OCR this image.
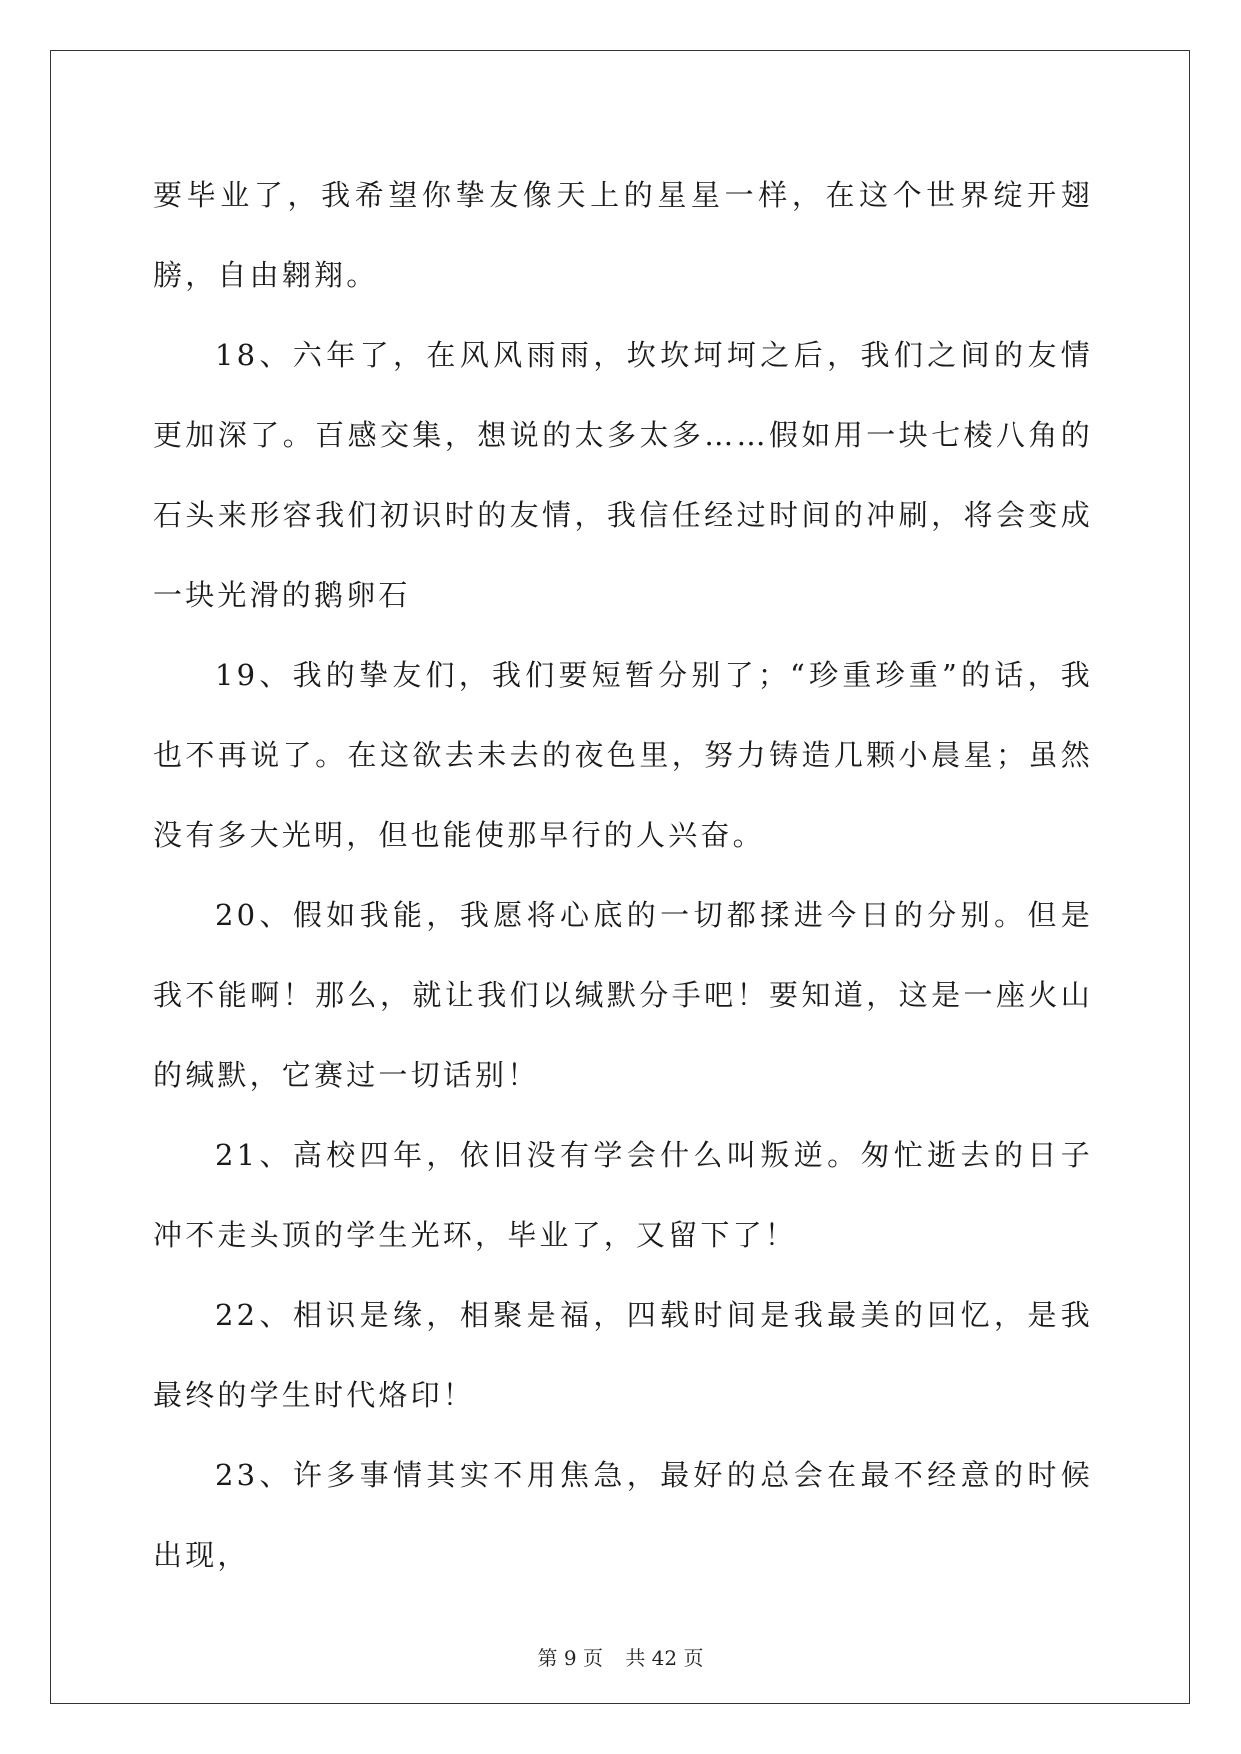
要毕业了，我希望你挚友像天上的星星一样，在这个世界绽开翅膀，自由翱翔。

18、六年了，在风风雨雨，坎坎坷坷之后，我们之间的友情更加深了。百感交集，想说的太多太多……假如用一块七棱八角的石头来形容我们初识时的友情，我信任经过时间的冲刷，将会变成一块光滑的鹅卵石

19、我的挚友们，我们要短暂分别了；“珍重珍重”的话，我也不再说了。在这欲去未去的夜色里，努力铸造几颗小晨星；虽然没有多大光明，但也能使那早行的人兴奋。

20、假如我能，我愿将心底的一切都揉进今日的分别。但是我不能啊！那么，就让我们以缄默分手吧！要知道，这是一座火山的缄默，它赛过一切话别！

21、高校四年，依旧没有学会什么叫叛逆。匆忙逝去的日子冲不走头顶的学生光环，毕业了，又留下了！

22、相识是缘，相聚是福，四载时间是我最美的回忆，是我最终的学生时代烙印！

23、许多事情其实不用焦急，最好的总会在最不经意的时候出现，

第 9 页 共 42 页
